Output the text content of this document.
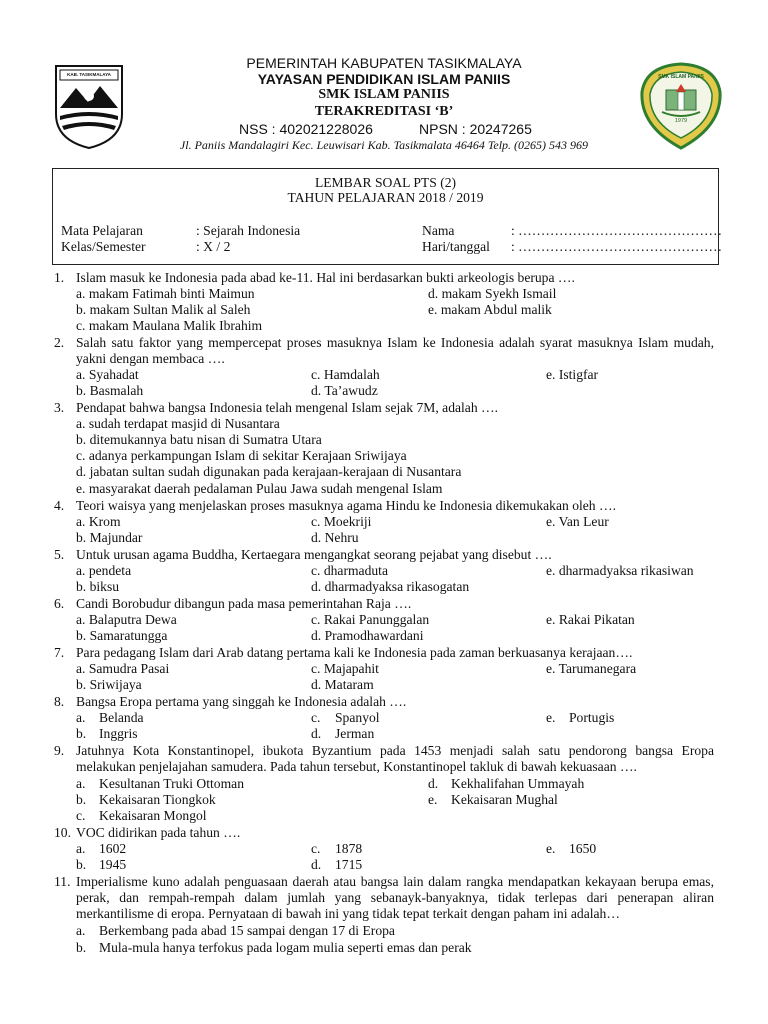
KAB. TASIKMALAYA	SMK ISLAM PANIIS
1979
PEMERINTAH KABUPATEN TASIKMALAYA
YAYASAN PENDIDIKAN ISLAM PANIIS
SMK ISLAM PANIIS
TERAKREDITASI ‘B’
NSS : 402021228026	NPSN : 20247265
Jl. Paniis Mandalagiri Kec. Leuwisari Kab. Tasikmalata 46464 Telp. (0265) 543 969
LEMBAR SOAL PTS (2)
TAHUN PELAJARAN 2018 / 2019
Mata Pelajaran	: Sejarah Indonesia
Kelas/Semester	: X / 2
Nama	: ………………………………………
Hari/tanggal : ………………………………………
1. Islam masuk ke Indonesia pada abad ke-11. Hal ini berdasarkan bukti arkeologis berupa ….
a. makam Fatimah binti Maimun	d. makam Syekh Ismail
b. makam Sultan Malik al Saleh	e. makam Abdul malik
c. makam Maulana Malik Ibrahim
2. Salah satu faktor yang mempercepat proses masuknya Islam ke Indonesia adalah syarat masuknya Islam mudah,
yakni dengan membaca ….
a. Syahadat	c. Hamdalah	e. Istigfar
b. Basmalah	d. Ta’awudz
3. Pendapat bahwa bangsa Indonesia telah mengenal Islam sejak 7M, adalah ….
a. sudah terdapat masjid di Nusantara
b. ditemukannya batu nisan di Sumatra Utara
c. adanya perkampungan Islam di sekitar Kerajaan Sriwijaya
d. jabatan sultan sudah digunakan pada kerajaan-kerajaan di Nusantara
e. masyarakat daerah pedalaman Pulau Jawa sudah mengenal Islam
4. Teori waisya yang menjelaskan proses masuknya agama Hindu ke Indonesia dikemukakan oleh ….
a. Krom	c. Moekriji	e. Van Leur
b. Majundar	d. Nehru
5. Untuk urusan agama Buddha, Kertaegara mengangkat seorang pejabat yang disebut ….
a. pendeta	c. dharmaduta	e. dharmadyaksa rikasiwan
b. biksu	d. dharmadyaksa rikasogatan
6. Candi Borobudur dibangun pada masa pemerintahan Raja ….
a. Balaputra Dewa	c. Rakai Panunggalan	e. Rakai Pikatan
b. Samaratungga	d. Pramodhawardani
7. Para pedagang Islam dari Arab datang pertama kali ke Indonesia pada zaman berkuasanya kerajaan….
a. Samudra Pasai	c. Majapahit	e. Tarumanegara
b. Sriwijaya	d. Mataram
8. Bangsa Eropa pertama yang singgah ke Indonesia adalah ….
a. Belanda	c. Spanyol	e. Portugis
b. Inggris	d. Jerman
9. Jatuhnya Kota Konstantinopel, ibukota Byzantium pada 1453 menjadi salah satu pendorong bangsa Eropa
melakukan penjelajahan samudera. Pada tahun tersebut, Konstantinopel takluk di bawah kekuasaan ….
a. Kesultanan Truki Ottoman	d. Kekhalifahan Ummayah
b. Kekaisaran Tiongkok	e. Kekaisaran Mughal
c. Kekaisaran Mongol
10. VOC didirikan pada tahun ….
a. 1602	c. 1878	e. 1650
b. 1945	d. 1715
11. Imperialisme kuno adalah penguasaan daerah atau bangsa lain dalam rangka mendapatkan kekayaan berupa emas,
perak, dan rempah-rempah dalam jumlah yang sebanayk-banyaknya, tidak terlepas dari penerapan aliran
merkantilisme di eropa. Pernyataan di bawah ini yang tidak tepat terkait dengan paham ini adalah…
a. Berkembang pada abad 15 sampai dengan 17 di Eropa
b. Mula-mula hanya terfokus pada logam mulia seperti emas dan perak
